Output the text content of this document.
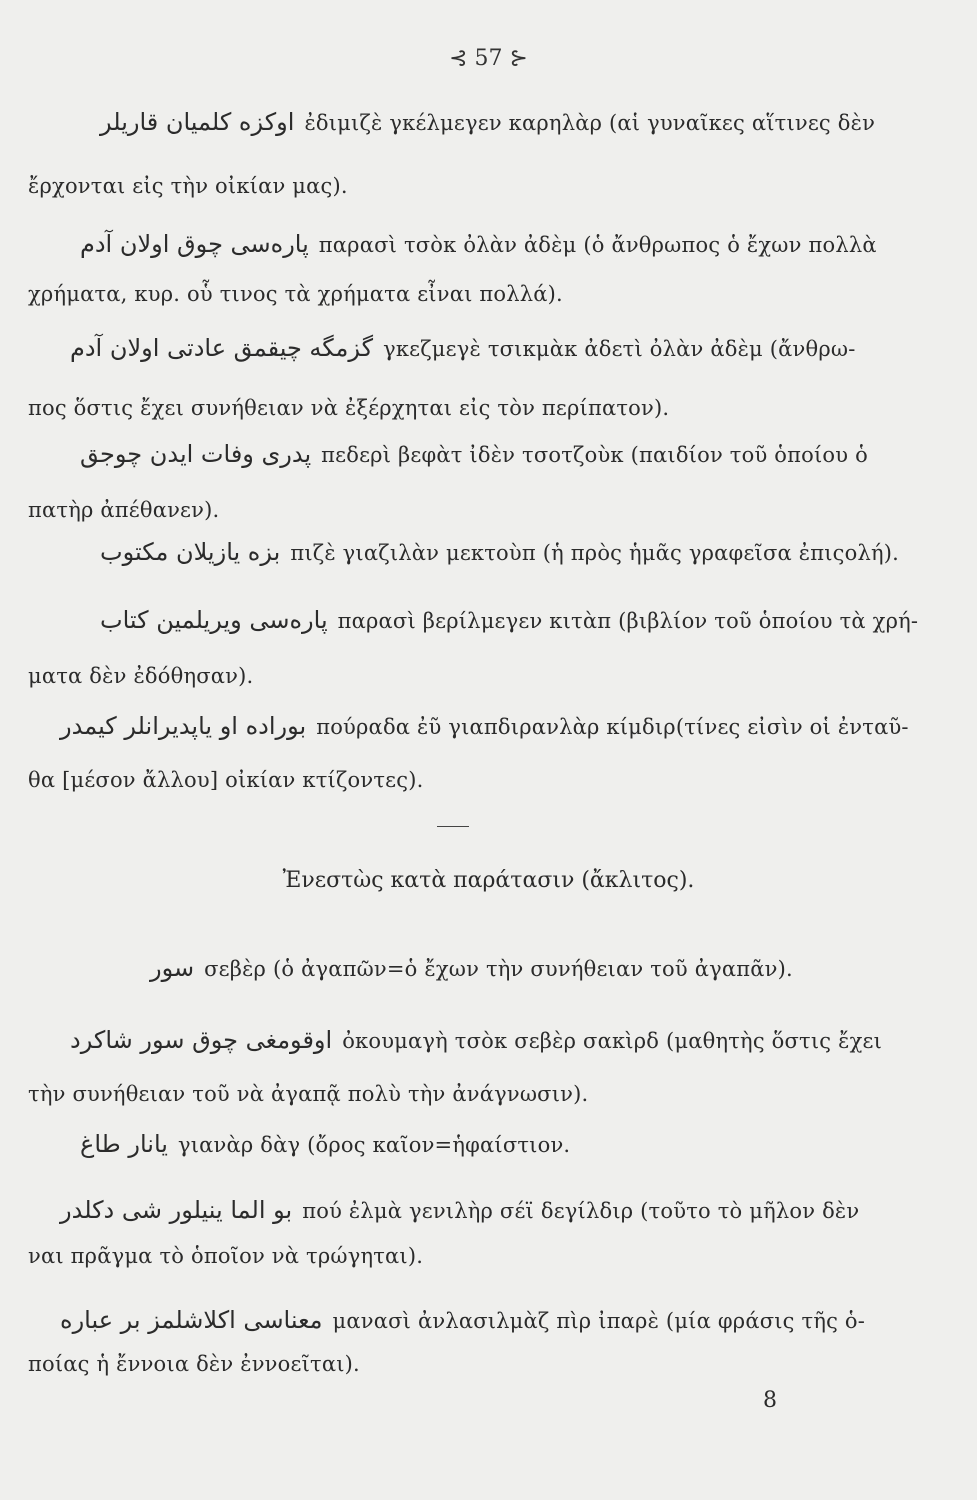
⊰ 57 ⊱
اوكزه كلميان قاريلر ἐδιμιζὲ γκέλμεγεν καρηλὰρ (αἱ γυναῖκες αἵτινες δὲν
ἔρχονται εἰς τὴν οἰκίαν μας).
پاره‌سی چوق اولان آدم παρασὶ τσὸκ ὀλὰν ἀδὲμ (ὁ ἄνθρωπος ὁ ἔχων πολλὰ
χρήματα, κυρ. οὗ τινος τὰ χρήματα εἶναι πολλά).
گزمگه چیقمق عادتی اولان آدم γκεζμεγὲ τσικμὰκ ἀδετὶ ὀλὰν ἀδὲμ (ἄνθρω-
πος ὅστις ἔχει συνήθειαν νὰ ἐξέρχηται εἰς τὸν περίπατον).
پدری وفات ایدن چوجق πεδερὶ βεφὰτ ἰδὲν τσοτζοὺκ (παιδίον τοῦ ὁποίου ὁ
πατὴρ ἀπέθανεν).
بزه یازیلان مکتوب πιζὲ γιαζιλὰν μεκτοὺπ (ἡ πρὸς ἡμᾶς γραφεῖσα ἐπιςολή).
پاره‌سی ویریلمین کتاب παρασὶ βερίλμεγεν κιτὰπ (βιβλίον τοῦ ὁποίου τὰ χρή-
ματα δὲν ἐδόθησαν).
بوراده او یاپدیرانلر کیمدر πούραδα ἐῦ γιαπδιρανλὰρ κίμδιρ(τίνες εἰσὶν οἱ ἐνταῦ-
θα [μέσον ἄλλου] οἰκίαν κτίζοντες).
Ἐνεστὼς κατὰ παράτασιν (ἄκλιτος).
سور σεβὲρ (ὁ ἀγαπῶν=ὁ ἔχων τὴν συνήθειαν τοῦ ἀγαπᾶν).
اوقومغی چوق سور شاکرد ὀκουμαγὴ τσὸκ σεβὲρ σακὶρδ (μαθητὴς ὅστις ἔχει
τὴν συνήθειαν τοῦ νὰ ἀγαπᾷ πολὺ τὴν ἀνάγνωσιν).
یانار طاغ γιανὰρ δὰγ (ὄρος καῖον=ἡφαίστιον.
بو الما ینیلور شی دکلدر πού ἐλμὰ γενιλὴρ σέϊ δεγίλδιρ (τοῦτο τὸ μῆλον δὲν
ναι πρᾶγμα τὸ ὁποῖον νὰ τρώγηται).
معناسی اکلاشلمز بر عباره μανασὶ ἀνλασιλμὰζ πὶρ ἰπαρὲ (μία φράσις τῆς ὁ-
ποίας ἡ ἔννοια δὲν ἐννοεῖται).
8
